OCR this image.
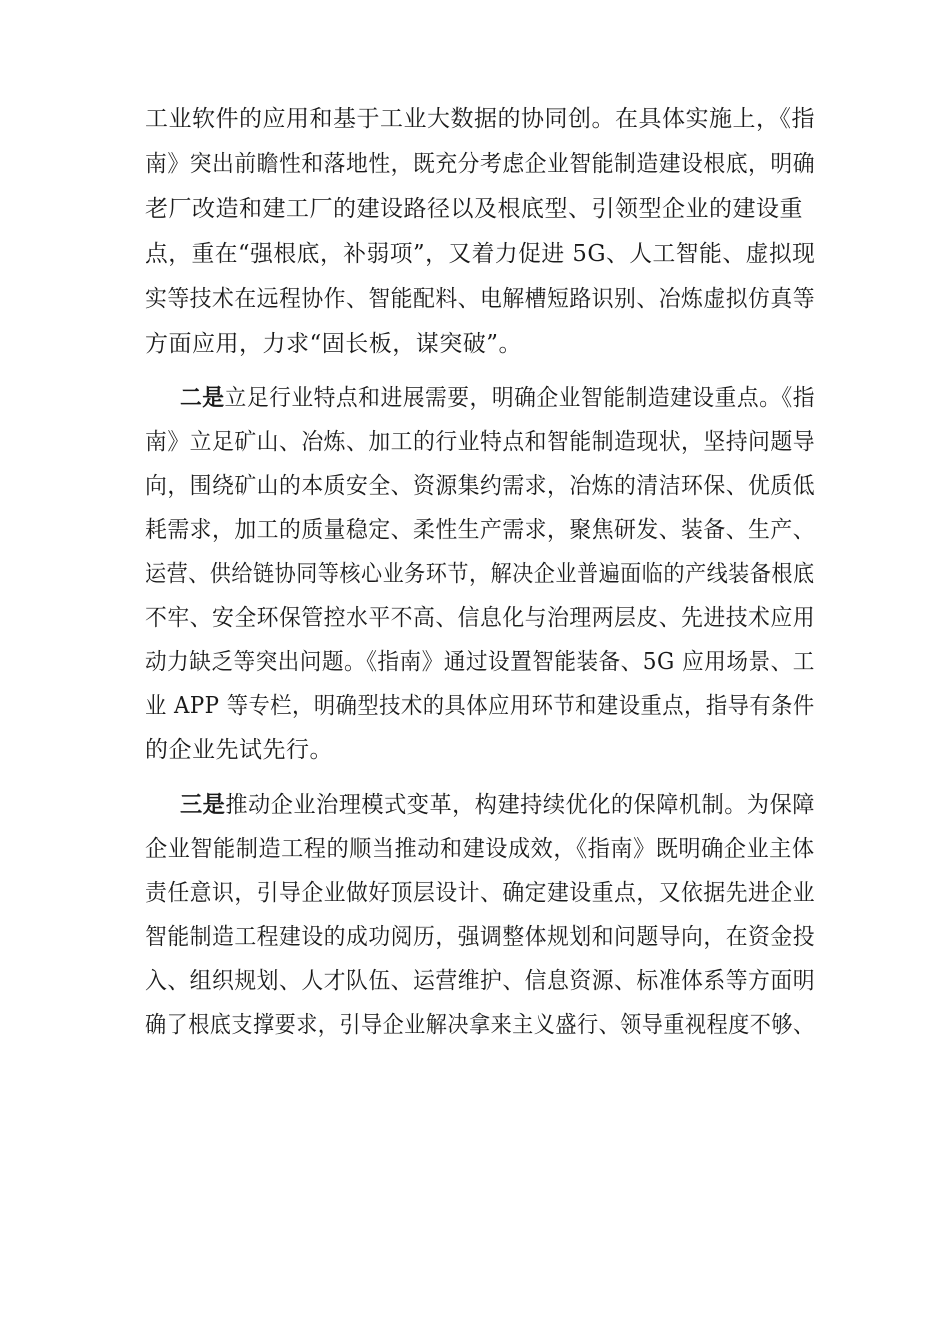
工业软件的应用和基于工业大数据的协同创。在具体实施上，《指
南》突出前瞻性和落地性，既充分考虑企业智能制造建设根底，明确
老厂改造和建工厂的建设路径以及根底型、引领型企业的建设重
点，重在“强根底，补弱项”，又着力促进 5G、人工智能、虚拟现
实等技术在远程协作、智能配料、电解槽短路识别、冶炼虚拟仿真等
方面应用，力求“固长板，谋突破”。
二是立足行业特点和进展需要，明确企业智能制造建设重点。《指
南》立足矿山、冶炼、加工的行业特点和智能制造现状，坚持问题导
向，围绕矿山的本质安全、资源集约需求，冶炼的清洁环保、优质低
耗需求，加工的质量稳定、柔性生产需求，聚焦研发、装备、生产、
运营、供给链协同等核心业务环节，解决企业普遍面临的产线装备根底
不牢、安全环保管控水平不高、信息化与治理两层皮、先进技术应用
动力缺乏等突出问题。《指南》通过设置智能装备、5G 应用场景、工
业 APP 等专栏，明确型技术的具体应用环节和建设重点，指导有条件
的企业先试先行。
三是推动企业治理模式变革，构建持续优化的保障机制。为保障
企业智能制造工程的顺当推动和建设成效，《指南》既明确企业主体
责任意识，引导企业做好顶层设计、确定建设重点，又依据先进企业
智能制造工程建设的成功阅历，强调整体规划和问题导向，在资金投
入、组织规划、人才队伍、运营维护、信息资源、标准体系等方面明
确了根底支撑要求，引导企业解决拿来主义盛行、领导重视程度不够、
